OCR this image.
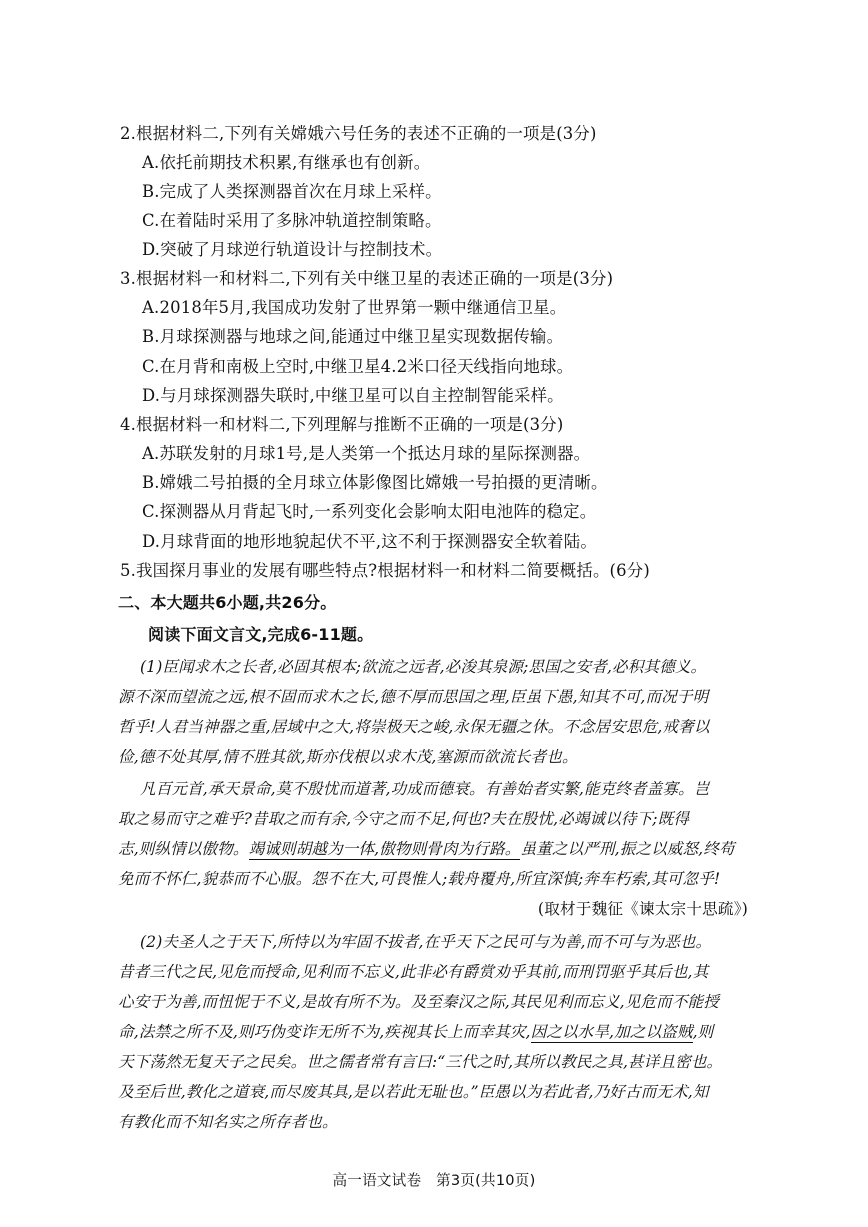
2.根据材料二,下列有关嫦娥六号任务的表述不正确的一项是(3分)
A.依托前期技术积累,有继承也有创新。
B.完成了人类探测器首次在月球上采样。
C.在着陆时采用了多脉冲轨道控制策略。
D.突破了月球逆行轨道设计与控制技术。
3.根据材料一和材料二,下列有关中继卫星的表述正确的一项是(3分)
A.2018年5月,我国成功发射了世界第一颗中继通信卫星。
B.月球探测器与地球之间,能通过中继卫星实现数据传输。
C.在月背和南极上空时,中继卫星4.2米口径天线指向地球。
D.与月球探测器失联时,中继卫星可以自主控制智能采样。
4.根据材料一和材料二,下列理解与推断不正确的一项是(3分)
A.苏联发射的月球1号,是人类第一个抵达月球的星际探测器。
B.嫦娥二号拍摄的全月球立体影像图比嫦娥一号拍摄的更清晰。
C.探测器从月背起飞时,一系列变化会影响太阳电池阵的稳定。
D.月球背面的地形地貌起伏不平,这不利于探测器安全软着陆。
5.我国探月事业的发展有哪些特点?根据材料一和材料二简要概括。(6分)
二、本大题共6小题,共26分。
阅读下面文言文,完成6-11题。
(1)臣闻求木之长者,必固其根本;欲流之远者,必浚其泉源;思国之安者,必积其德义。
源不深而望流之远,根不固而求木之长,德不厚而思国之理,臣虽下愚,知其不可,而况于明
哲乎!人君当神器之重,居域中之大,将崇极天之峻,永保无疆之休。不念居安思危,戒奢以
俭,德不处其厚,情不胜其欲,斯亦伐根以求木茂,塞源而欲流长者也。
凡百元首,承天景命,莫不殷忧而道著,功成而德衰。有善始者实繁,能克终者盖寡。岂
取之易而守之难乎?昔取之而有余,今守之而不足,何也?夫在殷忧,必竭诚以待下;既得
志,则纵情以傲物。竭诚则胡越为一体,傲物则骨肉为行路。虽董之以严刑,振之以威怒,终苟
免而不怀仁,貌恭而不心服。怨不在大,可畏惟人;载舟覆舟,所宜深慎;奔车朽索,其可忽乎!
(取材于魏征《谏太宗十思疏》)
(2)夫圣人之于天下,所恃以为牢固不拔者,在乎天下之民可与为善,而不可与为恶也。
昔者三代之民,见危而授命,见利而不忘义,此非必有爵赏劝乎其前,而刑罚驱乎其后也,其
心安于为善,而忸怩于不义,是故有所不为。及至秦汉之际,其民见利而忘义,见危而不能授
命,法禁之所不及,则巧伪变诈无所不为,疾视其长上而幸其灾,因之以水旱,加之以盗贼,则
天下荡然无复天子之民矣。世之儒者常有言曰:“三代之时,其所以教民之具,甚详且密也。
及至后世,教化之道衰,而尽废其具,是以若此无耻也。”臣愚以为若此者,乃好古而无术,知
有教化而不知名实之所存者也。
高一语文试卷　第3页(共10页)
